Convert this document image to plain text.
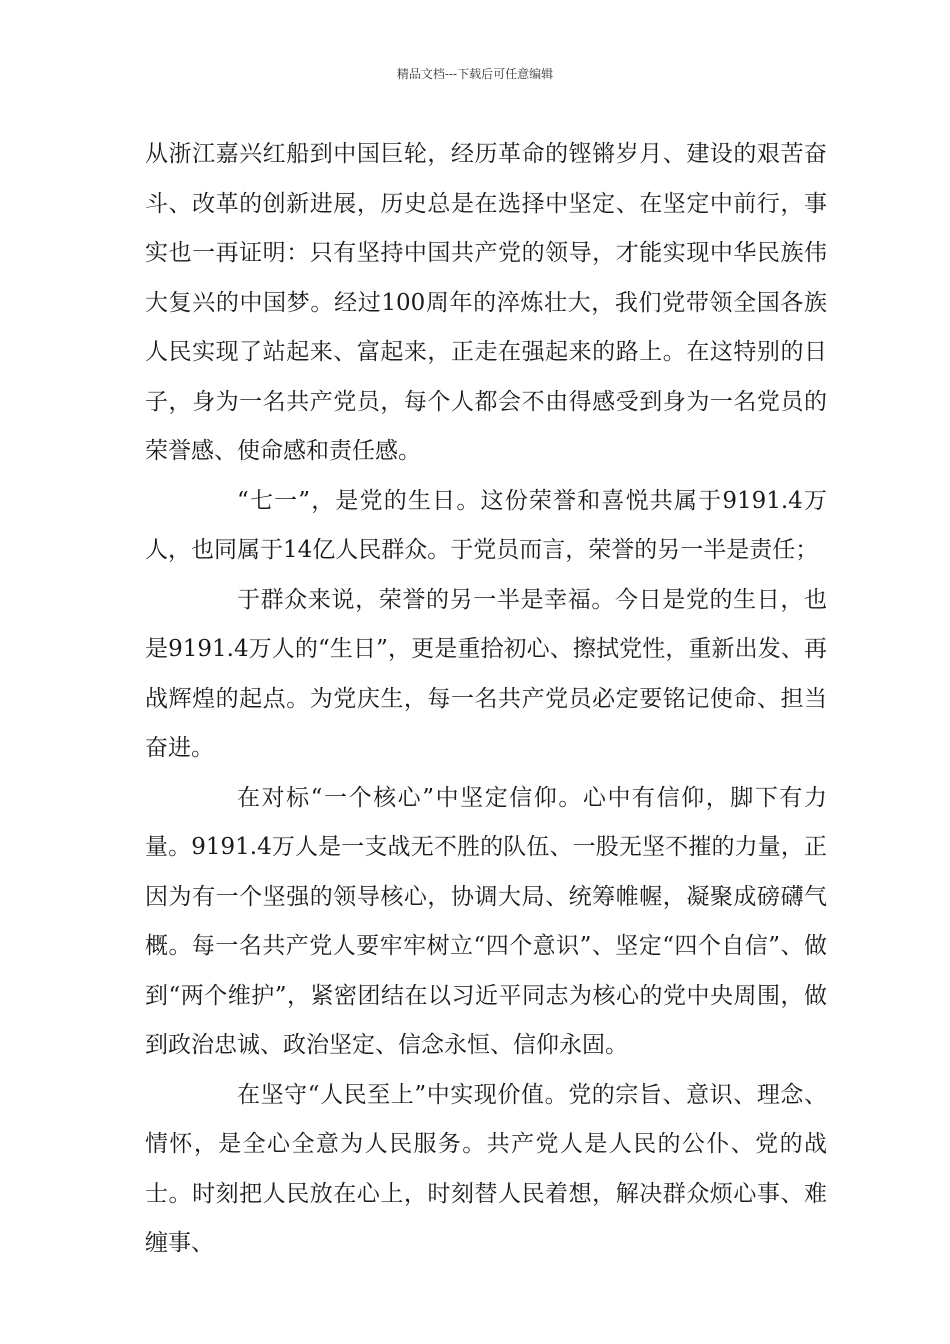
精品文档---下载后可任意编辑

从浙江嘉兴红船到中国巨轮，经历革命的铿锵岁月、建设的艰苦奋斗、改革的创新进展，历史总是在选择中坚定、在坚定中前行，事实也一再证明：只有坚持中国共产党的领导，才能实现中华民族伟大复兴的中国梦。经过100周年的淬炼壮大，我们党带领全国各族人民实现了站起来、富起来，正走在强起来的路上。在这特别的日子，身为一名共产党员，每个人都会不由得感受到身为一名党员的荣誉感、使命感和责任感。

“七一”，是党的生日。这份荣誉和喜悦共属于9191.4万人，也同属于14亿人民群众。于党员而言，荣誉的另一半是责任；

于群众来说，荣誉的另一半是幸福。今日是党的生日，也是9191.4万人的“生日”，更是重拾初心、擦拭党性，重新出发、再战辉煌的起点。为党庆生，每一名共产党员必定要铭记使命、担当奋进。

在对标“一个核心”中坚定信仰。心中有信仰，脚下有力量。9191.4万人是一支战无不胜的队伍、一股无坚不摧的力量，正因为有一个坚强的领导核心，协调大局、统筹帷幄，凝聚成磅礴气概。每一名共产党人要牢牢树立“四个意识”、坚定“四个自信”、做到“两个维护”，紧密团结在以习近平同志为核心的党中央周围，做到政治忠诚、政治坚定、信念永恒、信仰永固。

在坚守“人民至上”中实现价值。党的宗旨、意识、理念、情怀，是全心全意为人民服务。共产党人是人民的公仆、党的战士。时刻把人民放在心上，时刻替人民着想，解决群众烦心事、难缠事、
